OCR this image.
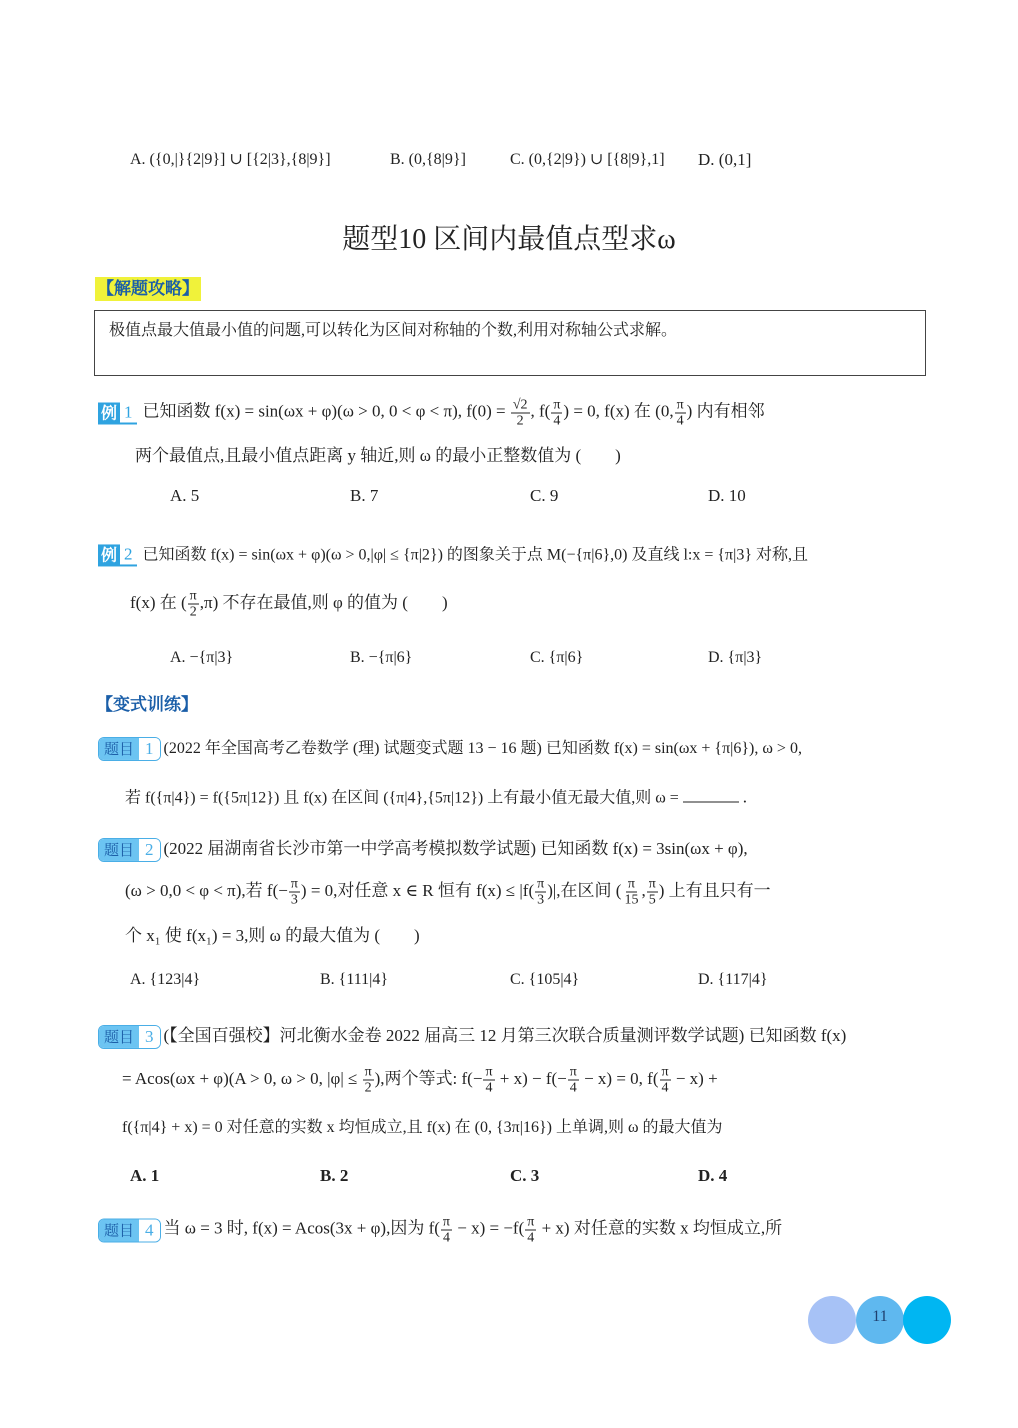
A. ({0,|}{2|9}] ∪ [{2|3},{8|9}]	B. (0,{8|9}]	C. (0,{2|9}) ∪ [{8|9},1] D. (0,1]
题型10 区间内最值点型求ω
【解题攻略】
极值点最大值最小值的问题,可以转化为区间对称轴的个数,利用对称轴公式求解。
例 1 已知函数 f(x) = sin(ωx + φ)(ω > 0, 0 < φ < π), $f(0) = \frac{√2}{2}$ , $f( \frac{\pi}{4}$ ) = 0, f(x) 在 (0, $\frac{\pi}{4}$ ) 内有相邻
两个最值点,且最小值点距离 y 轴近,则 ω 的最小正整数值为 (　　)
A. 5	B. 7	C. 9	D. 10
例 2 已知函数 f(x) = sin(ωx + φ)(ω > 0,|φ| ≤ {π|2}) 的图象关于点 M(−{π|6},0) 及直线 l:x = {π|3} 对称,且
f(x) 在 ( $\frac{\pi}{2} ,\pi$) 不存在最值,则 φ 的值为 (　　)
A. −{π|3}	B. −{π|6}	C. {π|6}	D. {π|3}
【变式训练】
题目 1 (2022 年全国高考乙卷数学 (理) 试题变式题 13 − 16 题) 已知函数 f(x) = sin(ωx + {π|6}), ω > 0,
若 f({π|4}) = f({5π|12}) 且 f(x) 在区间 ({π|4},{5π|12}) 上有最小值无最大值,则 ω =	.
题目 2 (2022 届湖南省长沙市第一中学高考模拟数学试题) 已知函数 f(x) = 3sin(ωx + φ),
(ω > 0,0 < φ < π),若 $f(- \frac{\pi}{3}$ ) = 0,对任意 x ∈ R 恒有 $f(x) \le |f( \frac{\pi}{3}$ )|,在区间 ( $\frac{\pi}{15}$ , $\frac{\pi}{5}$ ) 上有且只有一
个 x₁ 使 f(x₁) = 3,则 ω 的最大值为 (　　)
A. {123|4}	B. {111|4}	C. {105|4}	D. {117|4}
题目 3 (【全国百强校】河北衡水金卷 2022 届高三 12 月第三次联合质量测评数学试题) 已知函数 f(x)
= Acos(ωx + φ)(A > 0, ω > 0, $|\varphi| \le \frac{\pi}{2}$ ),两个等式: $f(- \frac{\pi}{4} + x) - f(- \frac{\pi}{4} - x) = 0$, $f( \frac{\pi}{4} - x)$ +
f({π|4} + x) = 0 对任意的实数 x 均恒成立,且 f(x) 在 (0, {3π|16}) 上单调,则 ω 的最大值为
A. 1	B. 2	C. 3	D. 4
题目 4 当 ω = 3 时, f(x) = Acos(3x + φ),因为 $f( \frac{\pi}{4} - x) = -f( \frac{\pi}{4} + x)$ 对任意的实数 x 均恒成立,所
11
